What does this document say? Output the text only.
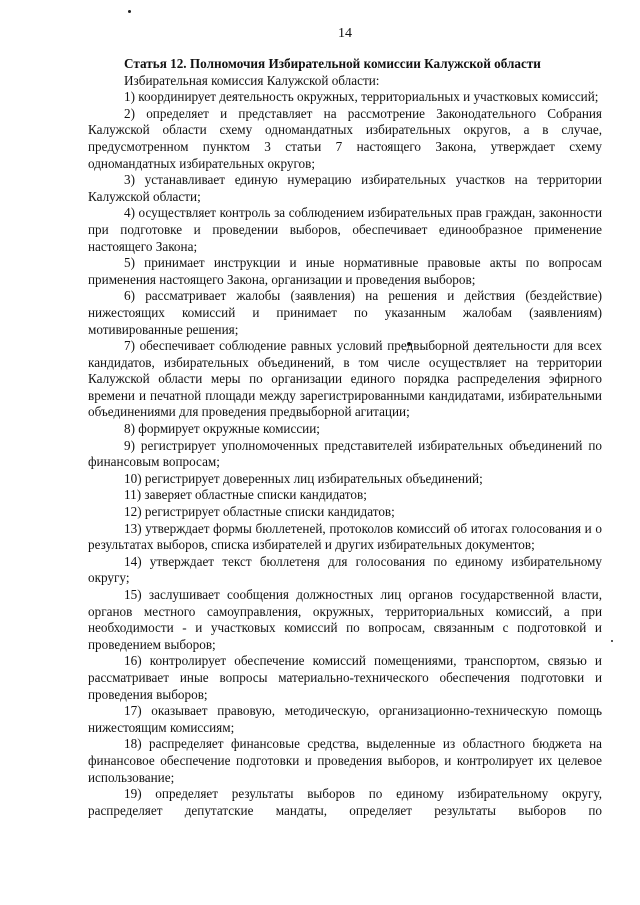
14

Статья 12. Полномочия Избирательной комиссии Калужской области

Избирательная комиссия Калужской области:

1) координирует деятельность окружных, территориальных и участковых комиссий;

2) определяет и представляет на рассмотрение Законодательного Собрания Калужской области схему одномандатных избирательных округов, а в случае, предусмотренном пунктом 3 статьи 7 настоящего Закона, утверждает схему одномандатных избирательных округов;

3) устанавливает единую нумерацию избирательных участков на территории Калужской области;

4) осуществляет контроль за соблюдением избирательных прав граждан, законности при подготовке и проведении выборов, обеспечивает единообразное применение настоящего Закона;

5) принимает инструкции и иные нормативные правовые акты по вопросам применения настоящего Закона, организации и проведения выборов;

6) рассматривает жалобы (заявления) на решения и действия (бездействие) нижестоящих комиссий и принимает по указанным жалобам (заявлениям) мотивированные решения;

7) обеспечивает соблюдение равных условий предвыборной деятельности для всех кандидатов, избирательных объединений, в том числе осуществляет на территории Калужской области меры по организации единого порядка распределения эфирного времени и печатной площади между зарегистрированными кандидатами, избирательными объединениями для проведения предвыборной агитации;

8) формирует окружные комиссии;

9) регистрирует уполномоченных представителей избирательных объединений по финансовым вопросам;

10) регистрирует доверенных лиц избирательных объединений;

11) заверяет областные списки кандидатов;

12) регистрирует областные списки кандидатов;

13) утверждает формы бюллетеней, протоколов комиссий об итогах голосования и о результатах выборов, списка избирателей и других избирательных документов;

14) утверждает текст бюллетеня для голосования по единому избирательному округу;

15) заслушивает сообщения должностных лиц органов государственной власти, органов местного самоуправления, окружных, территориальных комиссий, а при необходимости - и участковых комиссий по вопросам, связанным с подготовкой и проведением выборов;

16) контролирует обеспечение комиссий помещениями, транспортом, связью и рассматривает иные вопросы материально-технического обеспечения подготовки и проведения выборов;

17) оказывает правовую, методическую, организационно-техническую помощь нижестоящим комиссиям;

18) распределяет финансовые средства, выделенные из областного бюджета на финансовое обеспечение подготовки и проведения выборов, и контролирует их целевое использование;

19) определяет результаты выборов по единому избирательному округу, распределяет депутатские мандаты, определяет результаты выборов по
